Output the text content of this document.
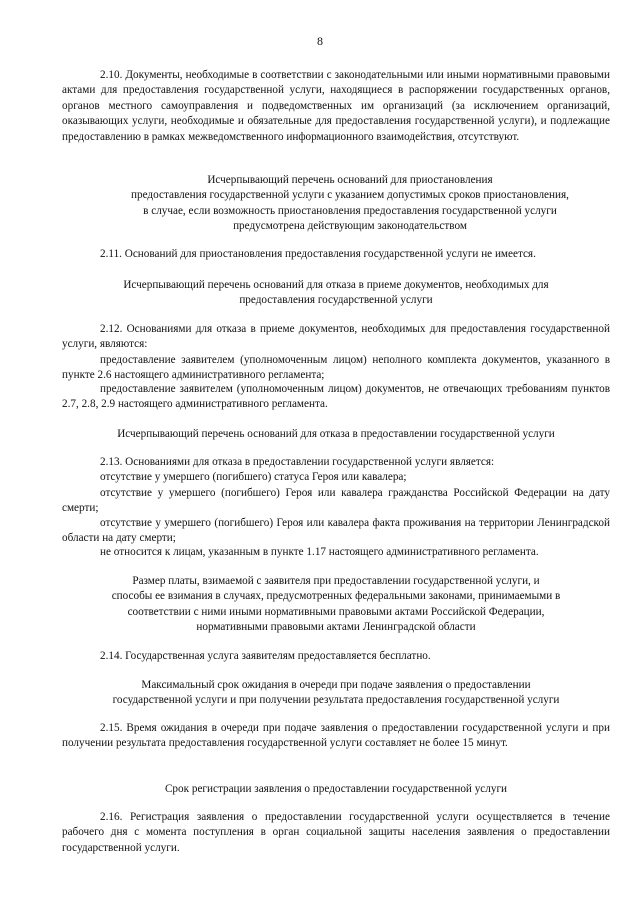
8

2.10. Документы, необходимые в соответствии с законодательными или иными нормативными правовыми актами для предоставления государственной услуги, находящиеся в распоряжении государственных органов, органов местного самоуправления и подведомственных им организаций (за исключением организаций, оказывающих услуги, необходимые и обязательные для предоставления государственной услуги), и подлежащие предоставлению в рамках межведомственного информационного взаимодействия, отсутствуют.

Исчерпывающий перечень оснований для приостановления
предоставления государственной услуги с указанием допустимых сроков приостановления,
в случае, если возможность приостановления предоставления государственной услуги
предусмотрена действующим законодательством

2.11. Оснований для приостановления предоставления государственной услуги не имеется.

Исчерпывающий перечень оснований для отказа в приеме документов, необходимых для
предоставления государственной услуги

2.12. Основаниями для отказа в приеме документов, необходимых для предоставления государственной услуги, являются:

предоставление заявителем (уполномоченным лицом) неполного комплекта документов, указанного в пункте 2.6 настоящего административного регламента;

предоставление заявителем (уполномоченным лицом) документов, не отвечающих требованиям пунктов 2.7, 2.8, 2.9 настоящего административного регламента.

Исчерпывающий перечень оснований для отказа в предоставлении государственной услуги

2.13. Основаниями для отказа в предоставлении государственной услуги является:

отсутствие у умершего (погибшего) статуса Героя или кавалера;

отсутствие у умершего (погибшего) Героя или кавалера гражданства Российской Федерации на дату смерти;

отсутствие у умершего (погибшего) Героя или кавалера факта проживания на территории Ленинградской области на дату смерти;

не относится к лицам, указанным в пункте 1.17 настоящего административного регламента.

Размер платы, взимаемой с заявителя при предоставлении государственной услуги, и
способы ее взимания в случаях, предусмотренных федеральными законами, принимаемыми в
соответствии с ними иными нормативными правовыми актами Российской Федерации,
нормативными правовыми актами Ленинградской области

2.14. Государственная услуга заявителям предоставляется бесплатно.

Максимальный срок ожидания в очереди при подаче заявления о предоставлении
государственной услуги и при получении результата предоставления государственной услуги

2.15. Время ожидания в очереди при подаче заявления о предоставлении государственной услуги и при получении результата предоставления государственной услуги составляет не более 15 минут.

Срок регистрации заявления о предоставлении государственной услуги

2.16. Регистрация заявления о предоставлении государственной услуги осуществляется в течение рабочего дня с момента поступления в орган социальной защиты населения заявления о предоставлении государственной услуги.
